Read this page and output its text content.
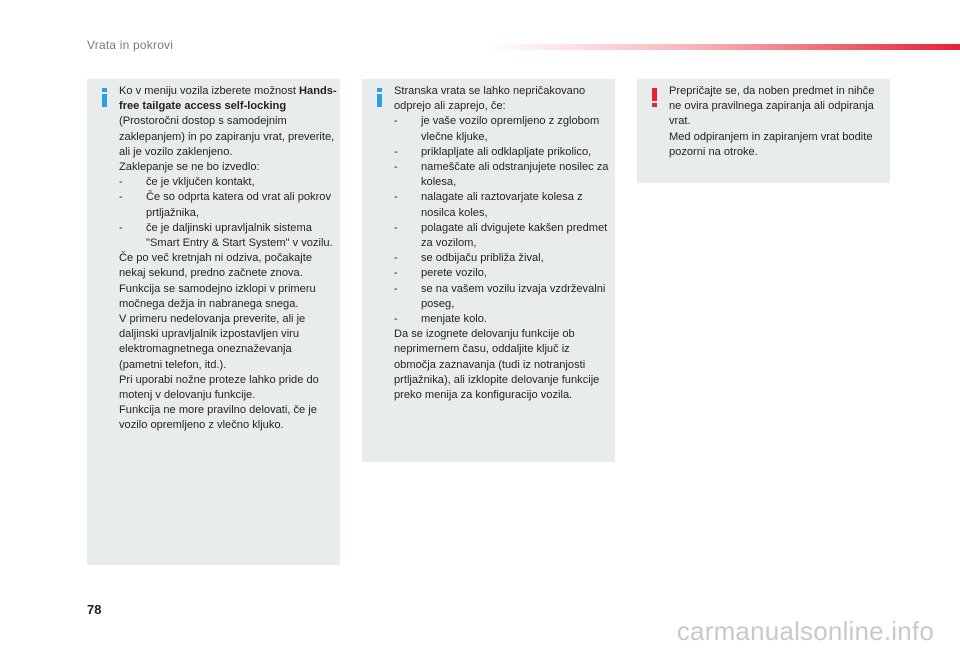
Vrata in pokrovi

Ko v meniju vozila izberete možnost Hands-free tailgate access self-locking (Prostoročni dostop s samodejnim zaklepanjem) in po zapiranju vrat, preverite, ali je vozilo zaklenjeno.

Zaklepanje se ne bo izvedlo:

- če je vključen kontakt,
- Če so odprta katera od vrat ali pokrov prtljažnika,
- če je daljinski upravljalnik sistema "Smart Entry & Start System" v vozilu.

Če po več kretnjah ni odziva, počakajte nekaj sekund, predno začnete znova.

Funkcija se samodejno izklopi v primeru močnega dežja in nabranega snega.

V primeru nedelovanja preverite, ali je daljinski upravljalnik izpostavljen viru elektromagnetnega oneznaževanja (pametni telefon, itd.).

Pri uporabi nožne proteze lahko pride do motenj v delovanju funkcije.

Funkcija ne more pravilno delovati, če je vozilo opremljeno z vlečno kljuko.

Stranska vrata se lahko nepričakovano odprejo ali zaprejo, če:

- je vaše vozilo opremljeno z zglobom vlečne kljuke,
- priklapljate ali odklapljate prikolico,
- nameščate ali odstranjujete nosilec za kolesa,
- nalagate ali raztovarjate kolesa z nosilca koles,
- polagate ali dvigujete kakšen predmet za vozilom,
- se odbijaču približa žival,
- perete vozilo,
- se na vašem vozilu izvaja vzdrževalni poseg,
- menjate kolo.

Da se izognete delovanju funkcije ob neprimernem času, oddaljite ključ iz območja zaznavanja (tudi iz notranjosti prtljažnika), ali izklopite delovanje funkcije preko menija za konfiguracijo vozila.

Prepričajte se, da noben predmet in nihče ne ovira pravilnega zapiranja ali odpiranja vrat.

Med odpiranjem in zapiranjem vrat bodite pozorni na otroke.

78
carmanualsonline.info
